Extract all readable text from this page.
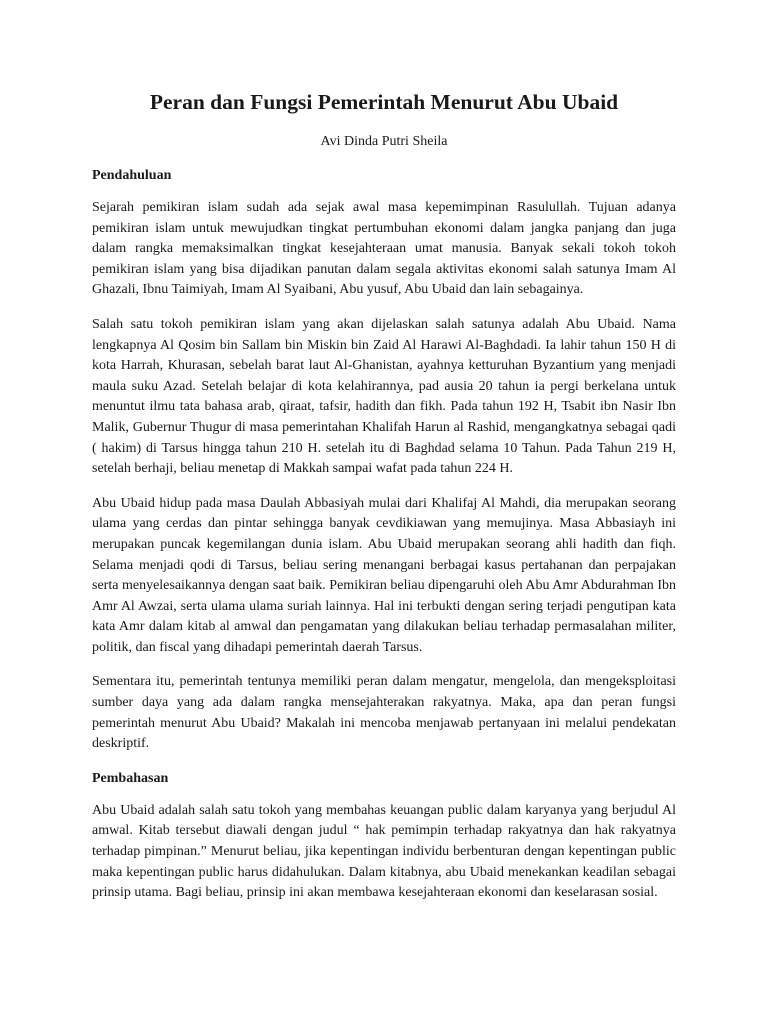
Peran dan Fungsi Pemerintah Menurut Abu Ubaid

Avi Dinda Putri Sheila

Pendahuluan

Sejarah pemikiran islam sudah ada sejak awal masa kepemimpinan Rasulullah. Tujuan adanya pemikiran islam untuk mewujudkan tingkat pertumbuhan ekonomi dalam jangka panjang dan juga dalam rangka memaksimalkan tingkat kesejahteraan umat manusia. Banyak sekali tokoh tokoh pemikiran islam yang bisa dijadikan panutan dalam segala aktivitas ekonomi salah satunya Imam Al Ghazali, Ibnu Taimiyah, Imam Al Syaibani, Abu yusuf, Abu Ubaid dan lain sebagainya.

Salah satu tokoh pemikiran islam yang akan dijelaskan salah satunya adalah Abu Ubaid. Nama lengkapnya Al Qosim bin Sallam bin Miskin bin Zaid Al Harawi Al-Baghdadi. Ia lahir tahun 150 H di kota Harrah, Khurasan, sebelah barat laut Al-Ghanistan, ayahnya ketturuhan Byzantium yang menjadi maula suku Azad. Setelah belajar di kota kelahirannya, pad ausia 20 tahun ia pergi berkelana untuk menuntut ilmu tata bahasa arab, qiraat, tafsir, hadith dan fikh. Pada tahun 192 H, Tsabit ibn Nasir Ibn Malik, Gubernur Thugur di masa pemerintahan Khalifah Harun al Rashid, mengangkatnya sebagai qadi ( hakim) di Tarsus hingga tahun 210 H. setelah itu di Baghdad selama 10 Tahun. Pada Tahun 219 H, setelah berhaji, beliau menetap di Makkah sampai wafat pada tahun 224 H.

Abu Ubaid hidup pada masa Daulah Abbasiyah mulai dari Khalifaj Al Mahdi, dia merupakan seorang ulama yang cerdas dan pintar sehingga banyak cevdikiawan yang memujinya. Masa Abbasiayh ini merupakan puncak kegemilangan dunia islam. Abu Ubaid merupakan seorang ahli hadith dan fiqh. Selama menjadi qodi di Tarsus, beliau sering menangani berbagai kasus pertahanan dan perpajakan serta menyelesaikannya dengan saat baik. Pemikiran beliau dipengaruhi oleh Abu Amr Abdurahman Ibn Amr Al Awzai, serta ulama ulama suriah lainnya. Hal ini terbukti dengan sering terjadi pengutipan kata kata Amr dalam kitab al amwal dan pengamatan yang dilakukan beliau terhadap permasalahan militer, politik, dan fiscal yang dihadapi pemerintah daerah Tarsus.

Sementara itu, pemerintah tentunya memiliki peran dalam mengatur, mengelola, dan mengeksploitasi sumber daya yang ada dalam rangka mensejahterakan rakyatnya. Maka, apa dan peran fungsi pemerintah menurut Abu Ubaid? Makalah ini mencoba menjawab pertanyaan ini melalui pendekatan deskriptif.

Pembahasan

Abu Ubaid adalah salah satu tokoh yang membahas keuangan public dalam karyanya yang berjudul Al amwal. Kitab tersebut diawali dengan judul “ hak pemimpin terhadap rakyatnya dan hak rakyatnya terhadap pimpinan.” Menurut beliau, jika kepentingan individu berbenturan dengan kepentingan public maka kepentingan public harus didahulukan. Dalam kitabnya, abu Ubaid menekankan keadilan sebagai prinsip utama. Bagi beliau, prinsip ini akan membawa kesejahteraan ekonomi dan keselarasan sosial.
